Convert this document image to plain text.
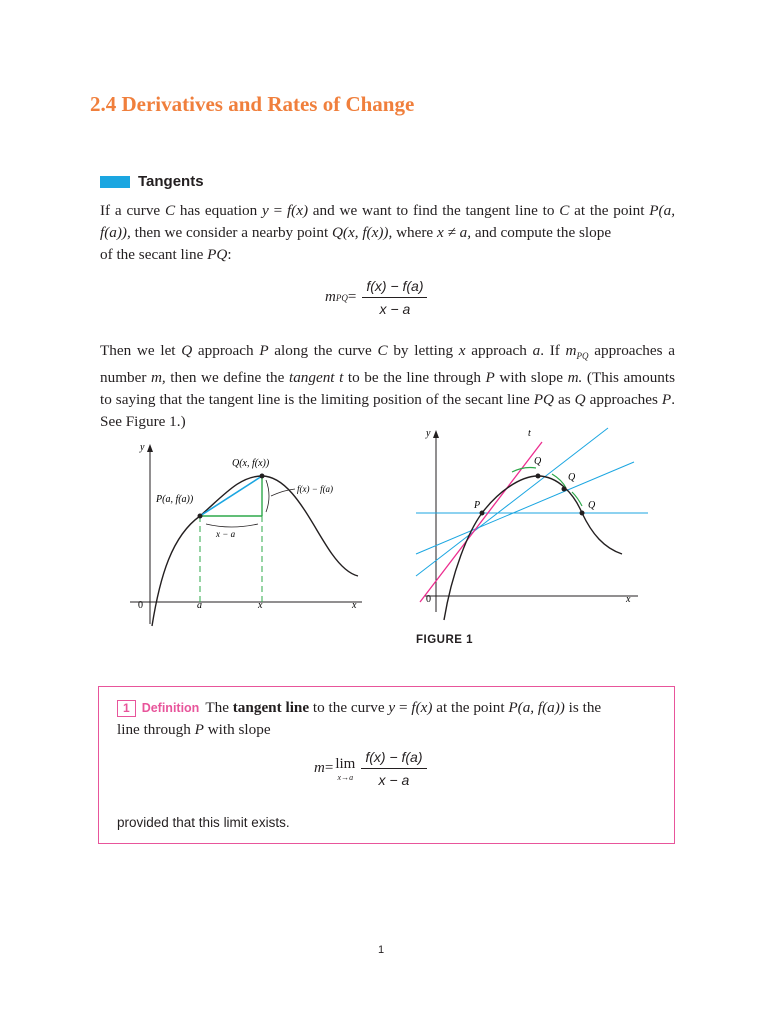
2.4 Derivatives and Rates of Change
Tangents

If a curve C has equation y = f(x) and we want to find the tangent line to C at the point P(a, f(a)), then we consider a nearby point Q(x, f(x)), where x ≠ a, and compute the slope

of the secant line PQ:

m PQ = $\frac{f(x) - f(a)}{x - a}$

Then we let Q approach P along the curve C by letting x approach a. If $m_{PQ}$ approaches a number m, then we define the tangent t to be the line through P with slope m. (This amounts to saying that the tangent line is the limiting position of the secant line PQ as Q approaches P. See Figure 1.)

y
x
0
P(a, f(a))
Q(x, f(x))
f(x) − f(a)
x − a
a	x
y
x
0
t
P
Q
Q
Q
FIGURE 1
1 Definition The tangent line to the curve y = f(x) at the point P(a, f(a)) is the
line through P with slope
m = lim
$x\to a \frac{f(x) - f(a)}{x - a}$
provided that this limit exists.
1
